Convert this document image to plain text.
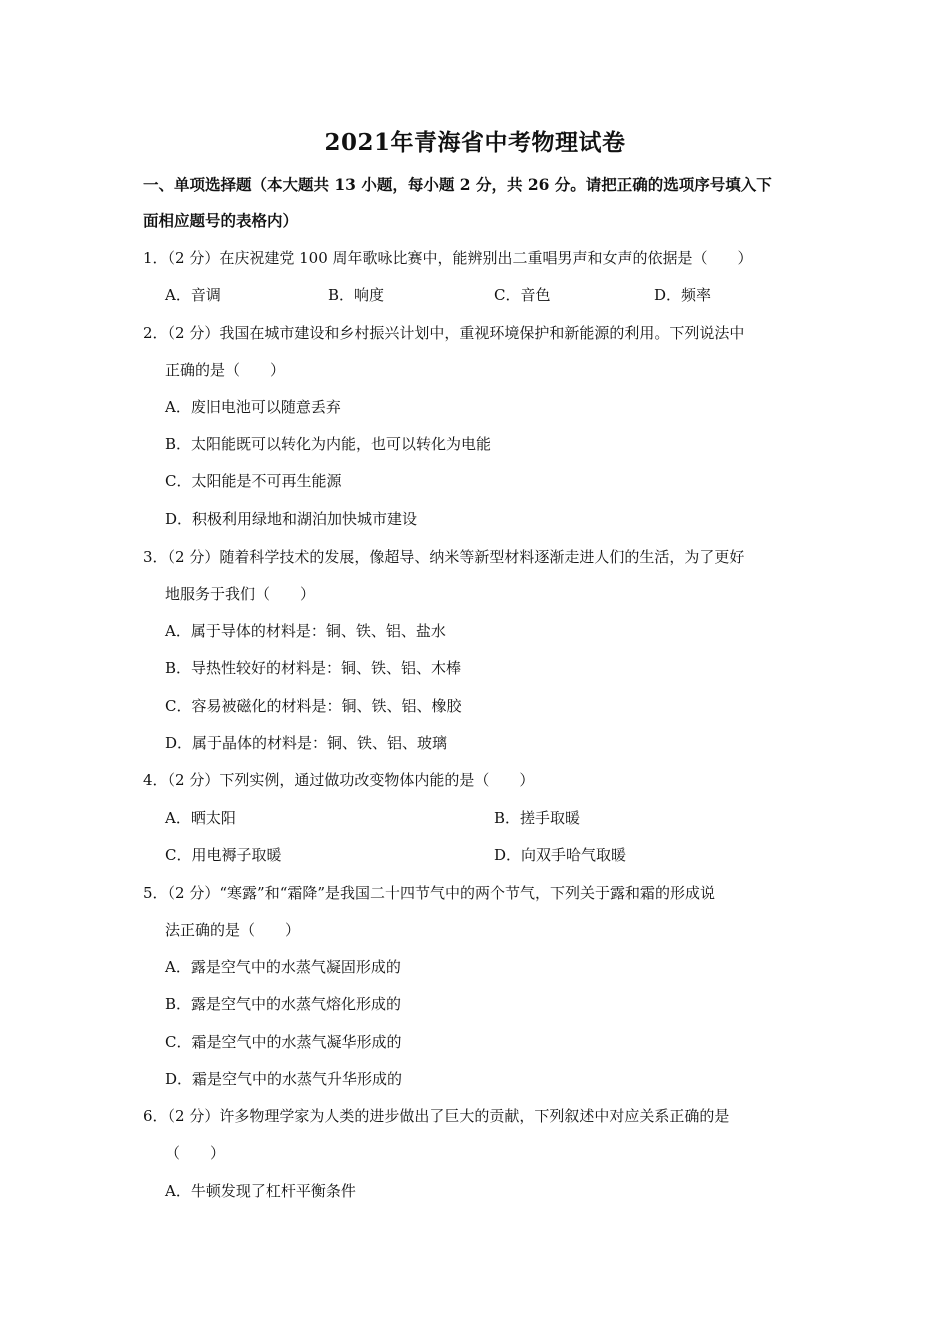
2021年青海省中考物理试卷
一、单项选择题（本大题共 13 小题，每小题 2 分，共 26 分。请把正确的选项序号填入下
面相应题号的表格内）
1．（2 分）在庆祝建党 100 周年歌咏比赛中，能辨别出二重唱男声和女声的依据是（　　）
A．音调	B．响度	C．音色	D．频率
2．（2 分）我国在城市建设和乡村振兴计划中，重视环境保护和新能源的利用。下列说法中
正确的是（　　）
A．废旧电池可以随意丢弃
B．太阳能既可以转化为内能，也可以转化为电能
C．太阳能是不可再生能源
D．积极利用绿地和湖泊加快城市建设
3．（2 分）随着科学技术的发展，像超导、纳米等新型材料逐渐走进人们的生活，为了更好
地服务于我们（　　）
A．属于导体的材料是：铜、铁、铝、盐水
B．导热性较好的材料是：铜、铁、铝、木棒
C．容易被磁化的材料是：铜、铁、铝、橡胶
D．属于晶体的材料是：铜、铁、铝、玻璃
4．（2 分）下列实例，通过做功改变物体内能的是（　　）
A．晒太阳	B．搓手取暖
C．用电褥子取暖	D．向双手哈气取暖
5．（2 分）“寒露”和“霜降”是我国二十四节气中的两个节气，下列关于露和霜的形成说
法正确的是（　　）
A．露是空气中的水蒸气凝固形成的
B．露是空气中的水蒸气熔化形成的
C．霜是空气中的水蒸气凝华形成的
D．霜是空气中的水蒸气升华形成的
6．（2 分）许多物理学家为人类的进步做出了巨大的贡献，下列叙述中对应关系正确的是
（　　）
A．牛顿发现了杠杆平衡条件
